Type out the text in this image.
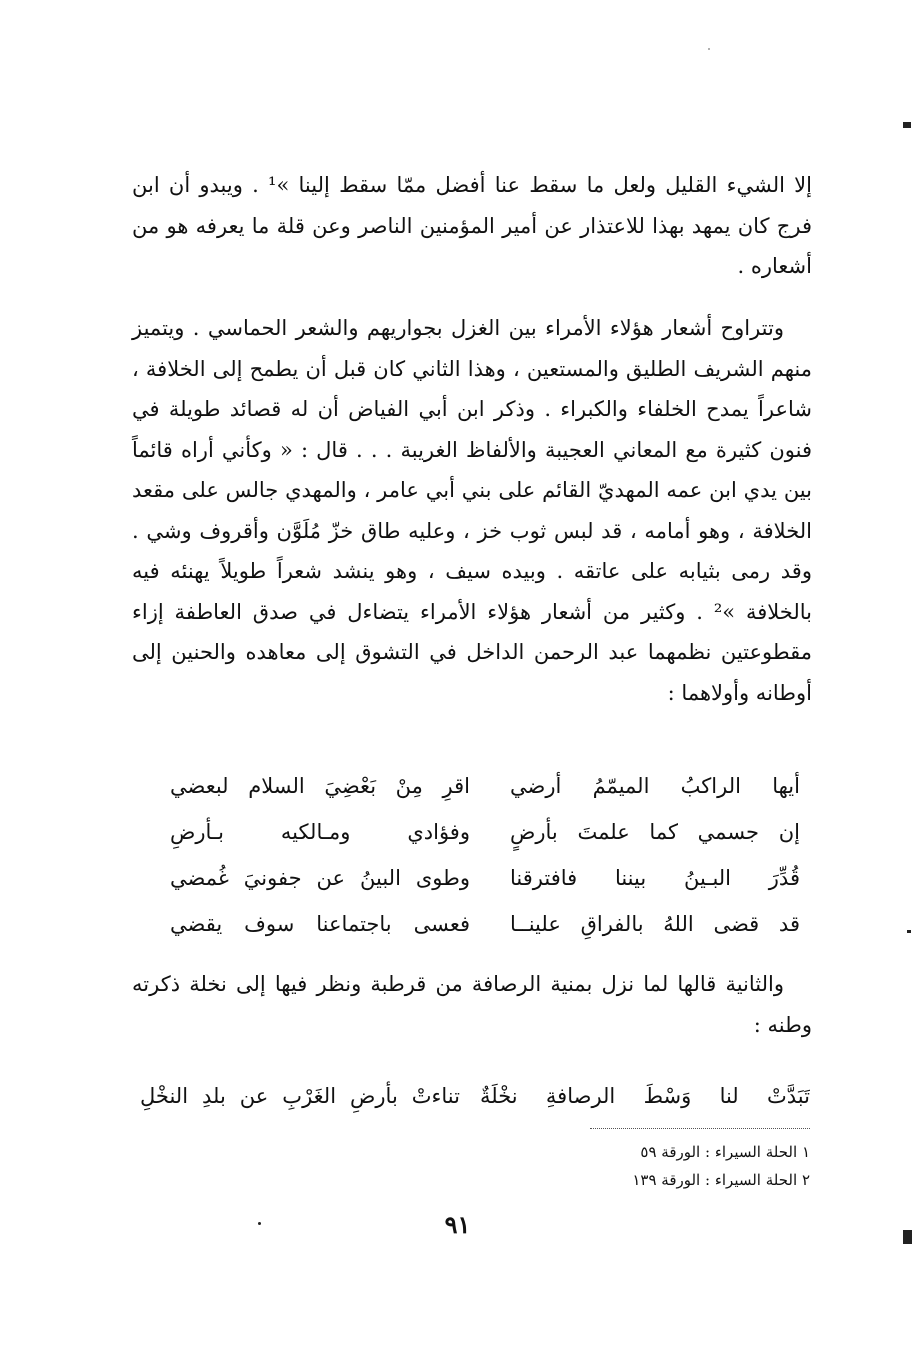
إلا الشيء القليل ولعل ما سقط عنا أفضل ممّا سقط إلينا »¹ . ويبدو أن ابن فرج كان يمهد بهذا للاعتذار عن أمير المؤمنين الناصر وعن قلة ما يعرفه هو من أشعاره .

وتتراوح أشعار هؤلاء الأمراء بين الغزل بجواريهم والشعر الحماسي . ويتميز منهم الشريف الطليق والمستعين ، وهذا الثاني كان قبل أن يطمح إلى الخلافة ، شاعراً يمدح الخلفاء والكبراء . وذكر ابن أبي الفياض أن له قصائد طويلة في فنون كثيرة مع المعاني العجيبة والألفاظ الغريبة . . . قال : « وكأني أراه قائماً بين يدي ابن عمه المهديّ القائم على بني أبي عامر ، والمهدي جالس على مقعد الخلافة ، وهو أمامه ، قد لبس ثوب خز ، وعليه طاق خزّ مُلَوَّن وأقروف وشي . وقد رمى بثيابه على عاتقه . وبيده سيف ، وهو ينشد شعراً طويلاً يهنئه فيه بالخلافة »² . وكثير من أشعار هؤلاء الأمراء يتضاءل في صدق العاطفة إزاء مقطوعتين نظمهما عبد الرحمن الداخل في التشوق إلى معاهده والحنين إلى أوطانه وأولاهما :

أيها الراكبُ الميمّمُ أرضي
اقرِ مِنْ بَعْضِيَ السلام لبعضي
إن جسمي كما علمتَ بأرضٍ
وفؤادي ومـالكيه بـأرضِ
قُدِّرَ البـينُ بيننا فافترقنا
وطوى البينُ عن جفونيَ غُمضي
قد قضى اللهُ بالفراقِ علينــا
فعسى باجتماعنا سوف يقضي

والثانية قالها لما نزل بمنية الرصافة من قرطبة ونظر فيها إلى نخلة ذكرته وطنه :

تَبَدَّتْ لنا وَسْطَ الرصافةِ نخْلَةٌ
تناءتْ بأرضِ الغَرْبِ عن بلدِ النخْلِ

١ الحلة السيراء : الورقة ٥٩

٢ الحلة السيراء : الورقة ١٣٩

٩١
